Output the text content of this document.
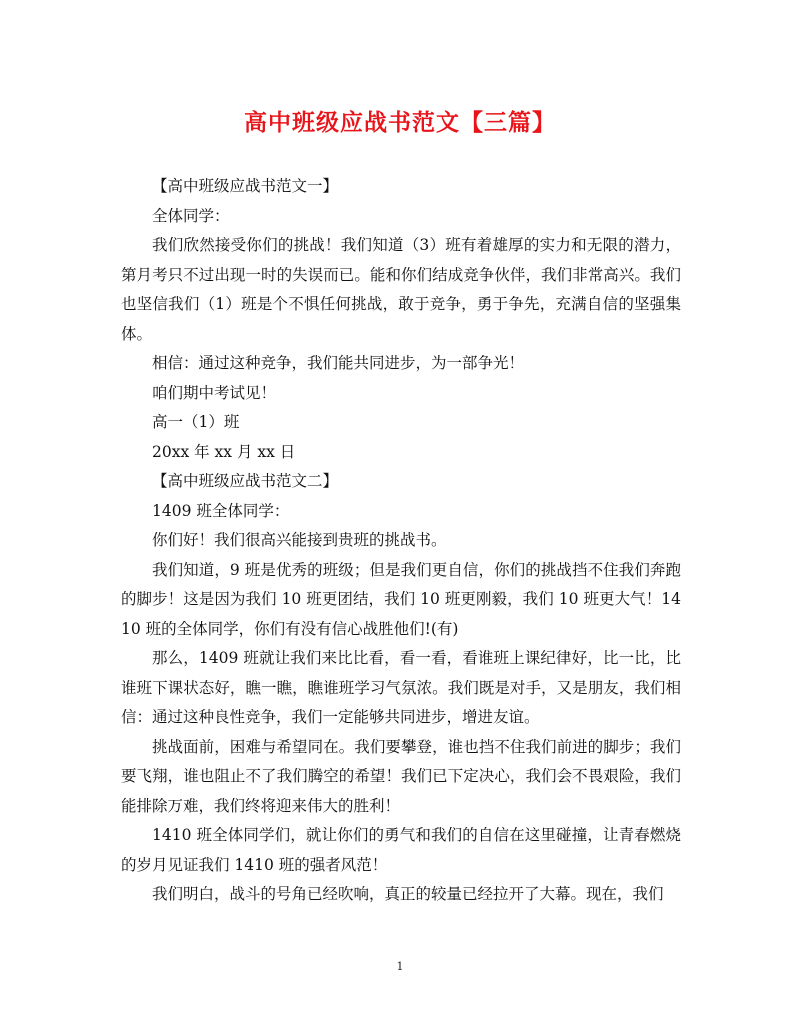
高中班级应战书范文【三篇】

【高中班级应战书范文一】

全体同学：

我们欣然接受你们的挑战！我们知道（3）班有着雄厚的实力和无限的潜力，第月考只不过出现一时的失误而已。能和你们结成竞争伙伴，我们非常高兴。我们也坚信我们（1）班是个不惧任何挑战，敢于竞争，勇于争先，充满自信的坚强集体。

相信：通过这种竞争，我们能共同进步，为一部争光！

咱们期中考试见！

高一（1）班

20xx 年 xx 月 xx 日

【高中班级应战书范文二】

1409 班全体同学：

你们好！我们很高兴能接到贵班的挑战书。

我们知道，9 班是优秀的班级；但是我们更自信，你们的挑战挡不住我们奔跑的脚步！这是因为我们 10 班更团结，我们 10 班更刚毅，我们 10 班更大气！1410 班的全体同学，你们有没有信心战胜他们!(有)

那么，1409 班就让我们来比比看，看一看，看谁班上课纪律好，比一比，比谁班下课状态好，瞧一瞧，瞧谁班学习气氛浓。我们既是对手，又是朋友，我们相信：通过这种良性竞争，我们一定能够共同进步，增进友谊。

挑战面前，困难与希望同在。我们要攀登，谁也挡不住我们前进的脚步；我们要飞翔，谁也阻止不了我们腾空的希望！我们已下定决心，我们会不畏艰险，我们能排除万难，我们终将迎来伟大的胜利！

1410 班全体同学们，就让你们的勇气和我们的自信在这里碰撞，让青春燃烧的岁月见证我们 1410 班的强者风范！

我们明白，战斗的号角已经吹响，真正的较量已经拉开了大幕。现在，我们

1
